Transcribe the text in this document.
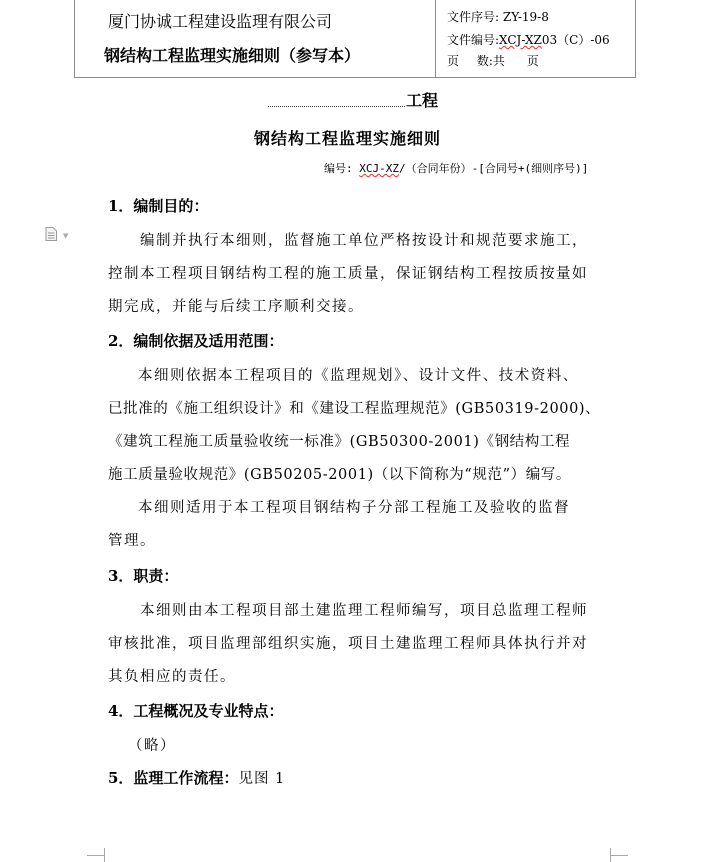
厦门协诚工程建设监理有限公司
钢结构工程监理实施细则（参写本）
文件序号: ZY-19-8
文件编号:XCJ-XZ03（C）-06
页 数:共 页
工程
钢结构工程监理实施细则
编号: XCJ-XZ/（合同年份）-[合同号+(细则序号)]
▼
1．编制目的：
编制并执行本细则，监督施工单位严格按设计和规范要求施工，
控制本工程项目钢结构工程的施工质量，保证钢结构工程按质按量如
期完成，并能与后续工序顺利交接。
2．编制依据及适用范围：
本细则依据本工程项目的《监理规划》、设计文件、技术资料、
已批准的《施工组织设计》和《建设工程监理规范》(GB50319-2000)、
《建筑工程施工质量验收统一标准》(GB50300-2001)《钢结构工程
施工质量验收规范》(GB50205-2001)（以下简称为“规范”）编写。
本细则适用于本工程项目钢结构子分部工程施工及验收的监督
管理。
3．职责：
本细则由本工程项目部土建监理工程师编写，项目总监理工程师
审核批准，项目监理部组织实施，项目土建监理工程师具体执行并对
其负相应的责任。
4．工程概况及专业特点：
（略）
5．监理工作流程：见图 1
